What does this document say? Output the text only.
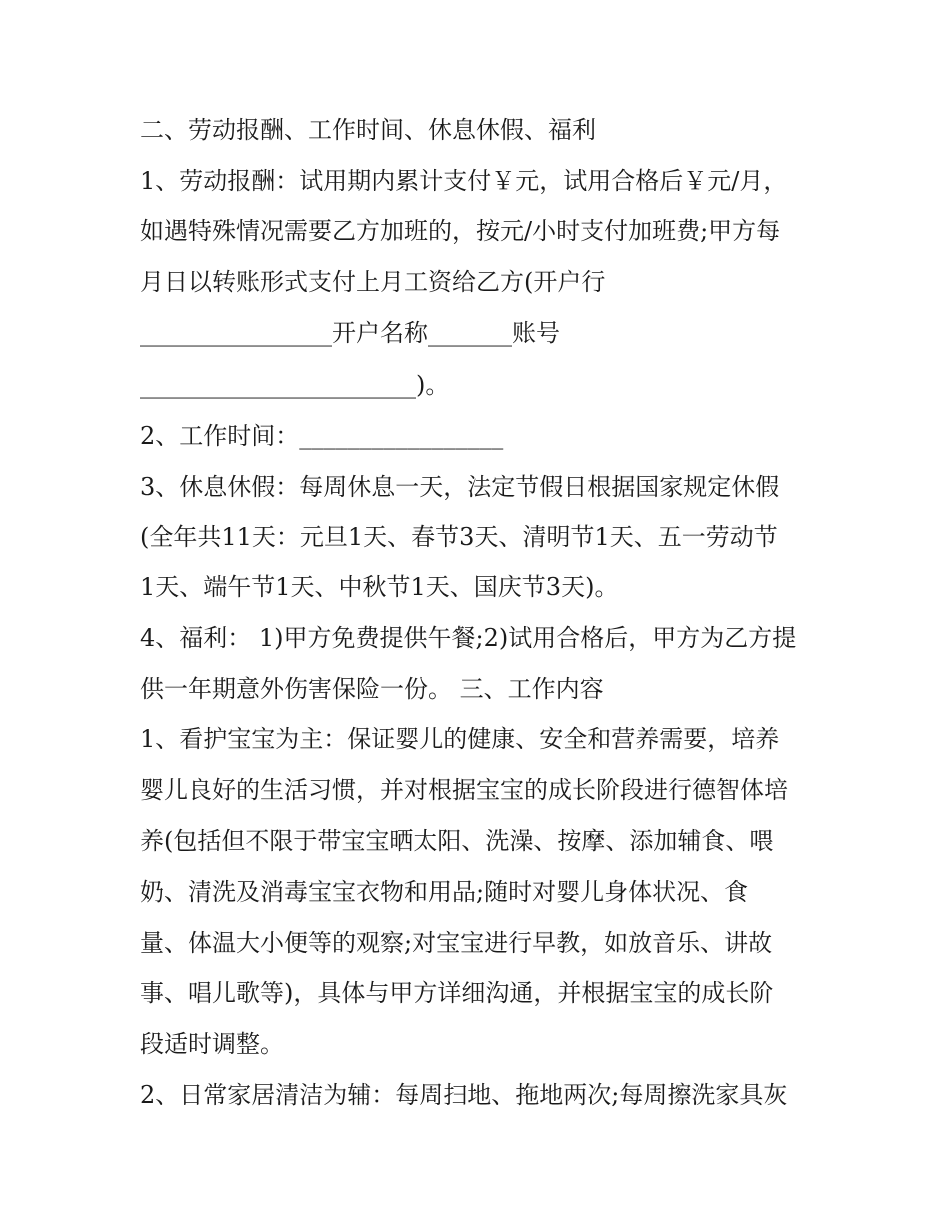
二、劳动报酬、工作时间、休息休假、福利
1、劳动报酬：试用期内累计支付￥元，试用合格后￥元/月，
如遇特殊情况需要乙方加班的，按元/小时支付加班费;甲方每
月日以转账形式支付上月工资给乙方(开户行
________________开户名称_______账号
_______________________)。
2、工作时间：_________________
3、休息休假：每周休息一天，法定节假日根据国家规定休假
(全年共11天：元旦1天、春节3天、清明节1天、五一劳动节
1天、端午节1天、中秋节1天、国庆节3天)。
4、福利： 1)甲方免费提供午餐;2)试用合格后，甲方为乙方提
供一年期意外伤害保险一份。 三、工作内容
1、看护宝宝为主：保证婴儿的健康、安全和营养需要，培养
婴儿良好的生活习惯，并对根据宝宝的成长阶段进行德智体培
养(包括但不限于带宝宝晒太阳、洗澡、按摩、添加辅食、喂
奶、清洗及消毒宝宝衣物和用品;随时对婴儿身体状况、食
量、体温大小便等的观察;对宝宝进行早教，如放音乐、讲故
事、唱儿歌等)，具体与甲方详细沟通，并根据宝宝的成长阶
段适时调整。
2、日常家居清洁为辅：每周扫地、拖地两次;每周擦洗家具灰
